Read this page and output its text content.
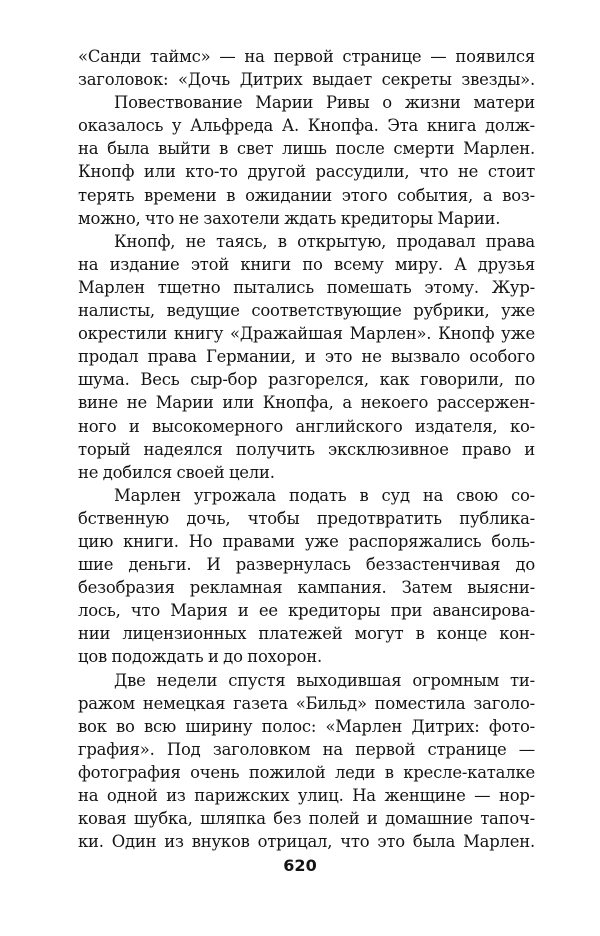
«Санди таймс» — на первой странице — появился
заголовок: «Дочь Дитрих выдает секреты звезды».
Повествование Марии Ривы о жизни матери
оказалось у Альфреда А. Кнопфа. Эта книга долж-
на была выйти в свет лишь после смерти Марлен.
Кнопф или кто-то другой рассудили, что не стоит
терять времени в ожидании этого события, а воз-
можно, что не захотели ждать кредиторы Марии.
Кнопф, не таясь, в открытую, продавал права
на издание этой книги по всему миру. А друзья
Марлен тщетно пытались помешать этому. Жур-
налисты, ведущие соответствующие рубрики, уже
окрестили книгу «Дражайшая Марлен». Кнопф уже
продал права Германии, и это не вызвало особого
шума. Весь сыр-бор разгорелся, как говорили, по
вине не Марии или Кнопфа, а некоего рассержен-
ного и высокомерного английского издателя, ко-
торый надеялся получить эксклюзивное право и
не добился своей цели.
Марлен угрожала подать в суд на свою со-
бственную дочь, чтобы предотвратить публика-
цию книги. Но правами уже распоряжались боль-
шие деньги. И развернулась беззастенчивая до
безобразия рекламная кампания. Затем выясни-
лось, что Мария и ее кредиторы при авансирова-
нии лицензионных платежей могут в конце кон-
цов подождать и до похорон.
Две недели спустя выходившая огромным ти-
ражом немецкая газета «Бильд» поместила заголо-
вок во всю ширину полос: «Марлен Дитрих: фото-
графия». Под заголовком на первой странице —
фотография очень пожилой леди в кресле-каталке
на одной из парижских улиц. На женщине — нор-
ковая шубка, шляпка без полей и домашние тапоч-
ки. Один из внуков отрицал, что это была Марлен.
620
